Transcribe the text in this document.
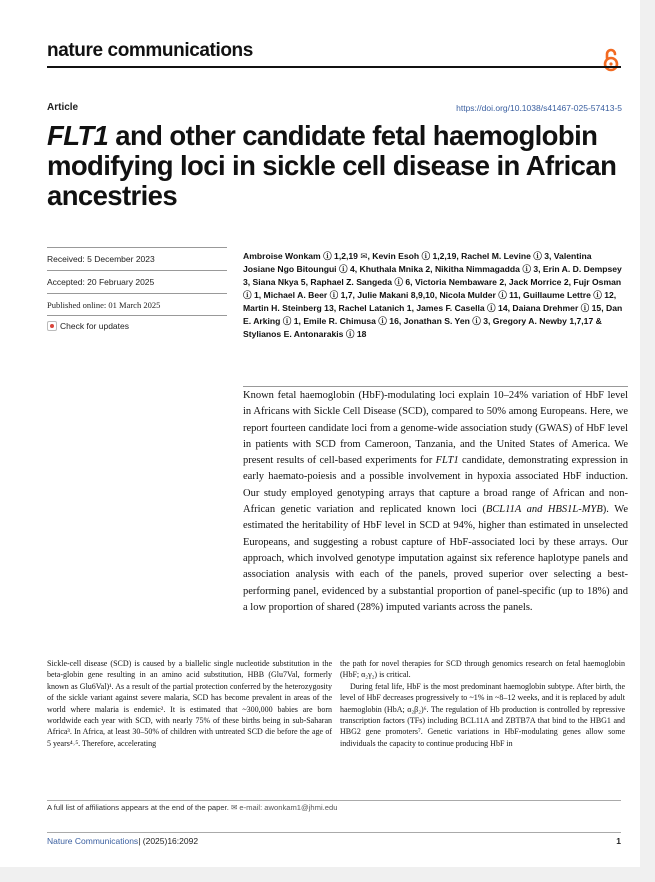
nature communications
Article	https://doi.org/10.1038/s41467-025-57413-5
FLT1 and other candidate fetal haemoglobin modifying loci in sickle cell disease in African ancestries
Received: 5 December 2023
Accepted: 20 February 2025
Published online: 01 March 2025
Check for updates
Ambroise Wonkam ⓘ 1,2,19 ✉, Kevin Esoh ⓘ 1,2,19, Rachel M. Levine ⓘ 3, Valentina Josiane Ngo Bitoungui ⓘ 4, Khuthala Mnika 2, Nikitha Nimmagadda ⓘ 3, Erin A. D. Dempsey 3, Siana Nkya 5, Raphael Z. Sangeda ⓘ 6, Victoria Nembaware 2, Jack Morrice 2, Fujr Osman ⓘ 1, Michael A. Beer ⓘ 1,7, Julie Makani 8,9,10, Nicola Mulder ⓘ 11, Guillaume Lettre ⓘ 12, Martin H. Steinberg 13, Rachel Latanich 1, James F. Casella ⓘ 14, Daiana Drehmer ⓘ 15, Dan E. Arking ⓘ 1, Emile R. Chimusa ⓘ 16, Jonathan S. Yen ⓘ 3, Gregory A. Newby 1,7,17 & Stylianos E. Antonarakis ⓘ 18
Known fetal haemoglobin (HbF)-modulating loci explain 10–24% variation of HbF level in Africans with Sickle Cell Disease (SCD), compared to 50% among Europeans. Here, we report fourteen candidate loci from a genome-wide association study (GWAS) of HbF level in patients with SCD from Cameroon, Tanzania, and the United States of America. We present results of cell-based experiments for FLT1 candidate, demonstrating expression in early haemato-poiesis and a possible involvement in hypoxia associated HbF induction. Our study employed genotyping arrays that capture a broad range of African and non-African genetic variation and replicated known loci (BCL11A and HBS1L-MYB). We estimated the heritability of HbF level in SCD at 94%, higher than estimated in unselected Europeans, and suggesting a robust capture of HbF-associated loci by these arrays. Our approach, which involved genotype imputation against six reference haplotype panels and association analysis with each of the panels, proved superior over selecting a best-performing panel, evidenced by a substantial proportion of panel-specific (up to 18%) and a low proportion of shared (28%) imputed variants across the panels.

Sickle-cell disease (SCD) is caused by a biallelic single nucleotide substitution in the beta-globin gene resulting in an amino acid substitution, HBB (Glu7Val, formerly known as Glu6Val)¹. As a result of the partial protection conferred by the heterozygosity of the sickle variant against severe malaria, SCD has become prevalent in areas of the world where malaria is endemic². It is estimated that ~300,000 babies are born worldwide each year with SCD, with nearly 75% of these births being in sub-Saharan Africa³. In Africa, at least 30–50% of children with untreated SCD die before the age of 5 years⁴˒⁵. Therefore, accelerating

the path for novel therapies for SCD through genomics research on fetal haemoglobin (HbF; α₂γ₂) is critical.

During fetal life, HbF is the most predominant haemoglobin subtype. After birth, the level of HbF decreases progressively to ~1% in ~8–12 weeks, and it is replaced by adult haemoglobin (HbA; α₂β₂)⁶. The regulation of Hb production is controlled by repressive transcription factors (TFs) including BCL11A and ZBTB7A that bind to the HBG1 and HBG2 gene promoters⁷. Genetic variations in HbF-modulating genes allow some individuals the capacity to continue producing HbF in

A full list of affiliations appears at the end of the paper. ✉ e-mail: awonkam1@jhmi.edu
Nature Communications| (2025)16:2092	1
